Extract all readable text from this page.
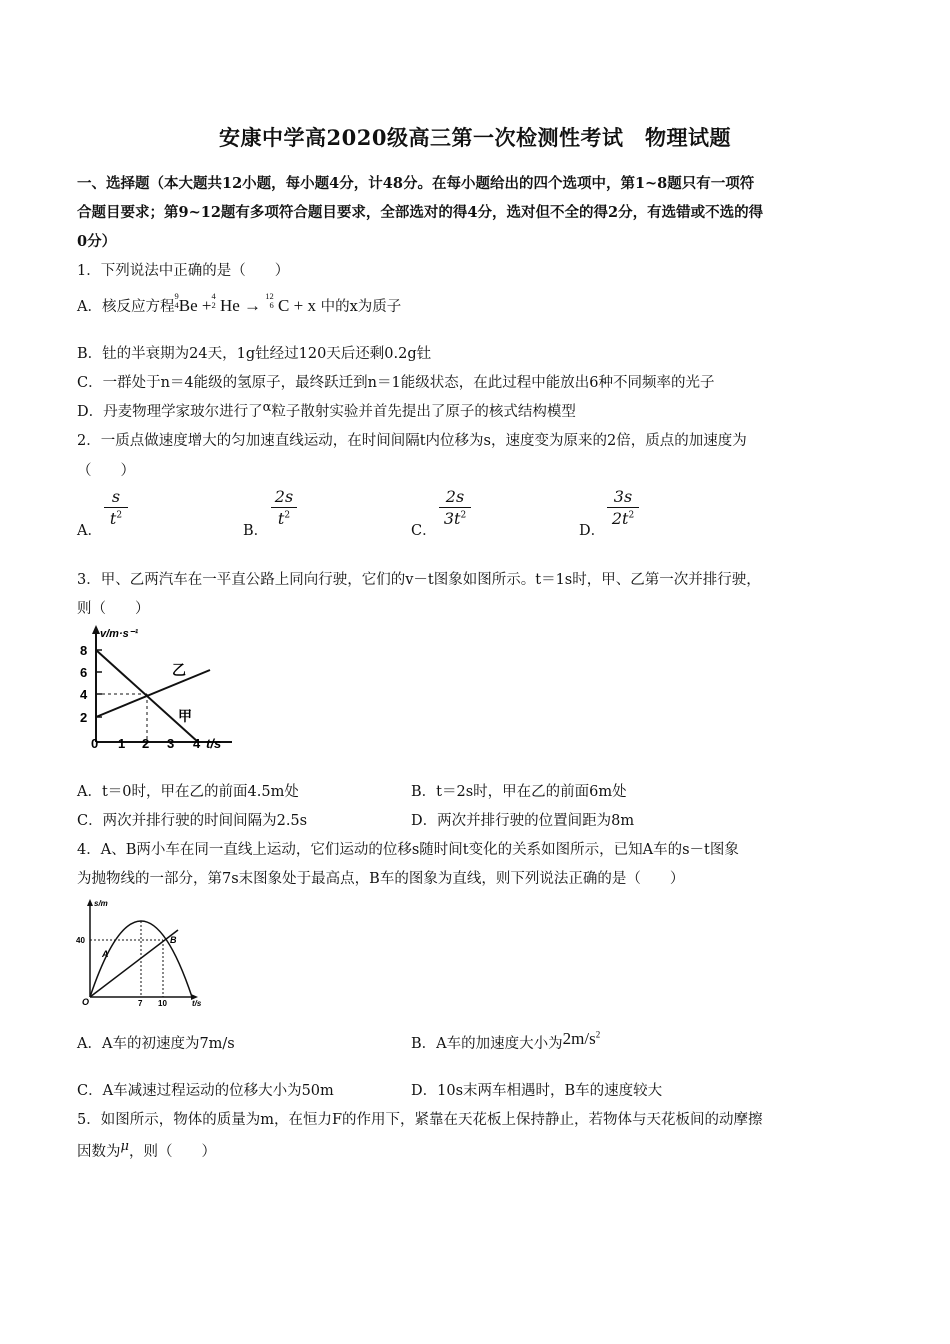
安康中学高2020级高三第一次检测性考试　物理试题
一、选择题（本大题共12小题，每小题4分，计48分。在每小题给出的四个选项中，第1~8题只有一项符
合题目要求；第9~12题有多项符合题目要求，全部选对的得4分，选对但不全的得2分，有选错或不选的得
0分）
1．下列说法中正确的是（　　）
A．核反应方程9
4Be +4
2 He → 12
6 C + x 中的x为质子
B．钍的半衰期为24天，1g钍经过120天后还剩0.2g钍
C．一群处于n＝4能级的氢原子，最终跃迁到n＝1能级状态，在此过程中能放出6种不同频率的光子
D．丹麦物理学家玻尔进行了α粒子散射实验并首先提出了原子的核式结构模型
2．一质点做速度增大的匀加速直线运动，在时间间隔t内位移为s，速度变为原来的2倍，质点的加速度为
（　　）
A．
s
$t^2$
B．
2s
$t^2$
C．
2s
$3t^2$
D．
3s
$2t^2$
3．甲、乙两汽车在一平直公路上同向行驶，它们的v－t图象如图所示。t＝1s时，甲、乙第一次并排行驶，
则（　　）
v/m·s⁻¹
8
6
4
2
0 1 2 3 4 t/s
乙
甲
A．t＝0时，甲在乙的前面4.5m处	B．t＝2s时，甲在乙的前面6m处
C．两次并排行驶的时间间隔为2.5s	D．两次并排行驶的位置间距为8m
4．A、B两小车在同一直线上运动，它们运动的位移s随时间t变化的关系如图所示，已知A车的s－t图象
为抛物线的一部分，第7s末图象处于最高点，B车的图象为直线，则下列说法正确的是（　　）
s/m
40
O	7 10	t/s
A
B
A．A车的初速度为7m/s	B．A车的加速度大小为$2m/s^2$
C．A车减速过程运动的位移大小为50m	D．10s末两车相遇时，B车的速度较大
5．如图所示，物体的质量为m，在恒力F的作用下，紧靠在天花板上保持静止，若物体与天花板间的动摩擦
因数为μ，则（　　）
